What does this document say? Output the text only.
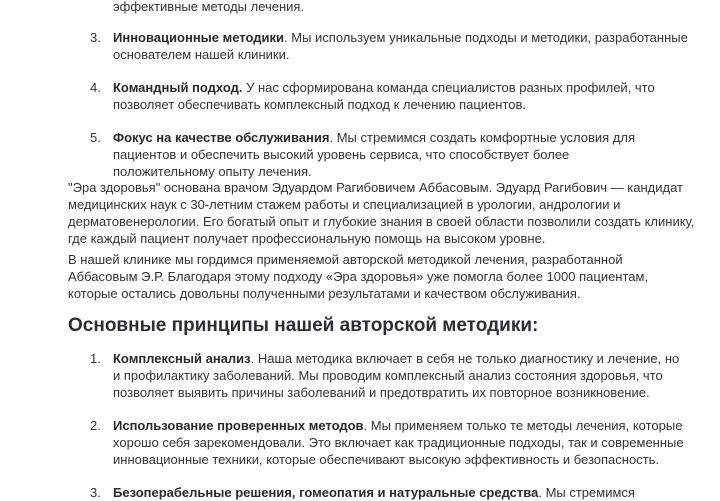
эффективные методы лечения.
3. Инновационные методики. Мы используем уникальные подходы и методики, разработанные основателем нашей клиники.
4. Командный подход. У нас сформирована команда специалистов разных профилей, что позволяет обеспечивать комплексный подход к лечению пациентов.
5. Фокус на качестве обслуживания. Мы стремимся создать комфортные условия для пациентов и обеспечить высокий уровень сервиса, что способствует более положительному опыту лечения.

"Эра здоровья" основана врачом Эдуардом Рагибовичем Аббасовым. Эдуард Рагибович — кандидат медицинских наук с 30-летним стажем работы и специализацией в урологии, андрологии и дерматовенерологии. Его богатый опыт и глубокие знания в своей области позволили создать клинику, где каждый пациент получает профессиональную помощь на высоком уровне.

В нашей клинике мы гордимся применяемой авторской методикой лечения, разработанной Аббасовым Э.Р. Благодаря этому подходу «Эра здоровья» уже помогла более 1000 пациентам, которые остались довольны полученными результатами и качеством обслуживания.

Основные принципы нашей авторской методики:
1. Комплексный анализ. Наша методика включает в себя не только диагностику и лечение, но и профилактику заболеваний. Мы проводим комплексный анализ состояния здоровья, что позволяет выявить причины заболеваний и предотвратить их повторное возникновение.
2. Использование проверенных методов. Мы применяем только те методы лечения, которые хорошо себя зарекомендовали. Это включает как традиционные подходы, так и современные инновационные техники, которые обеспечивают высокую эффективность и безопасность.
3. Безоперабельные решения, гомеопатия и натуральные средства. Мы стремимся
